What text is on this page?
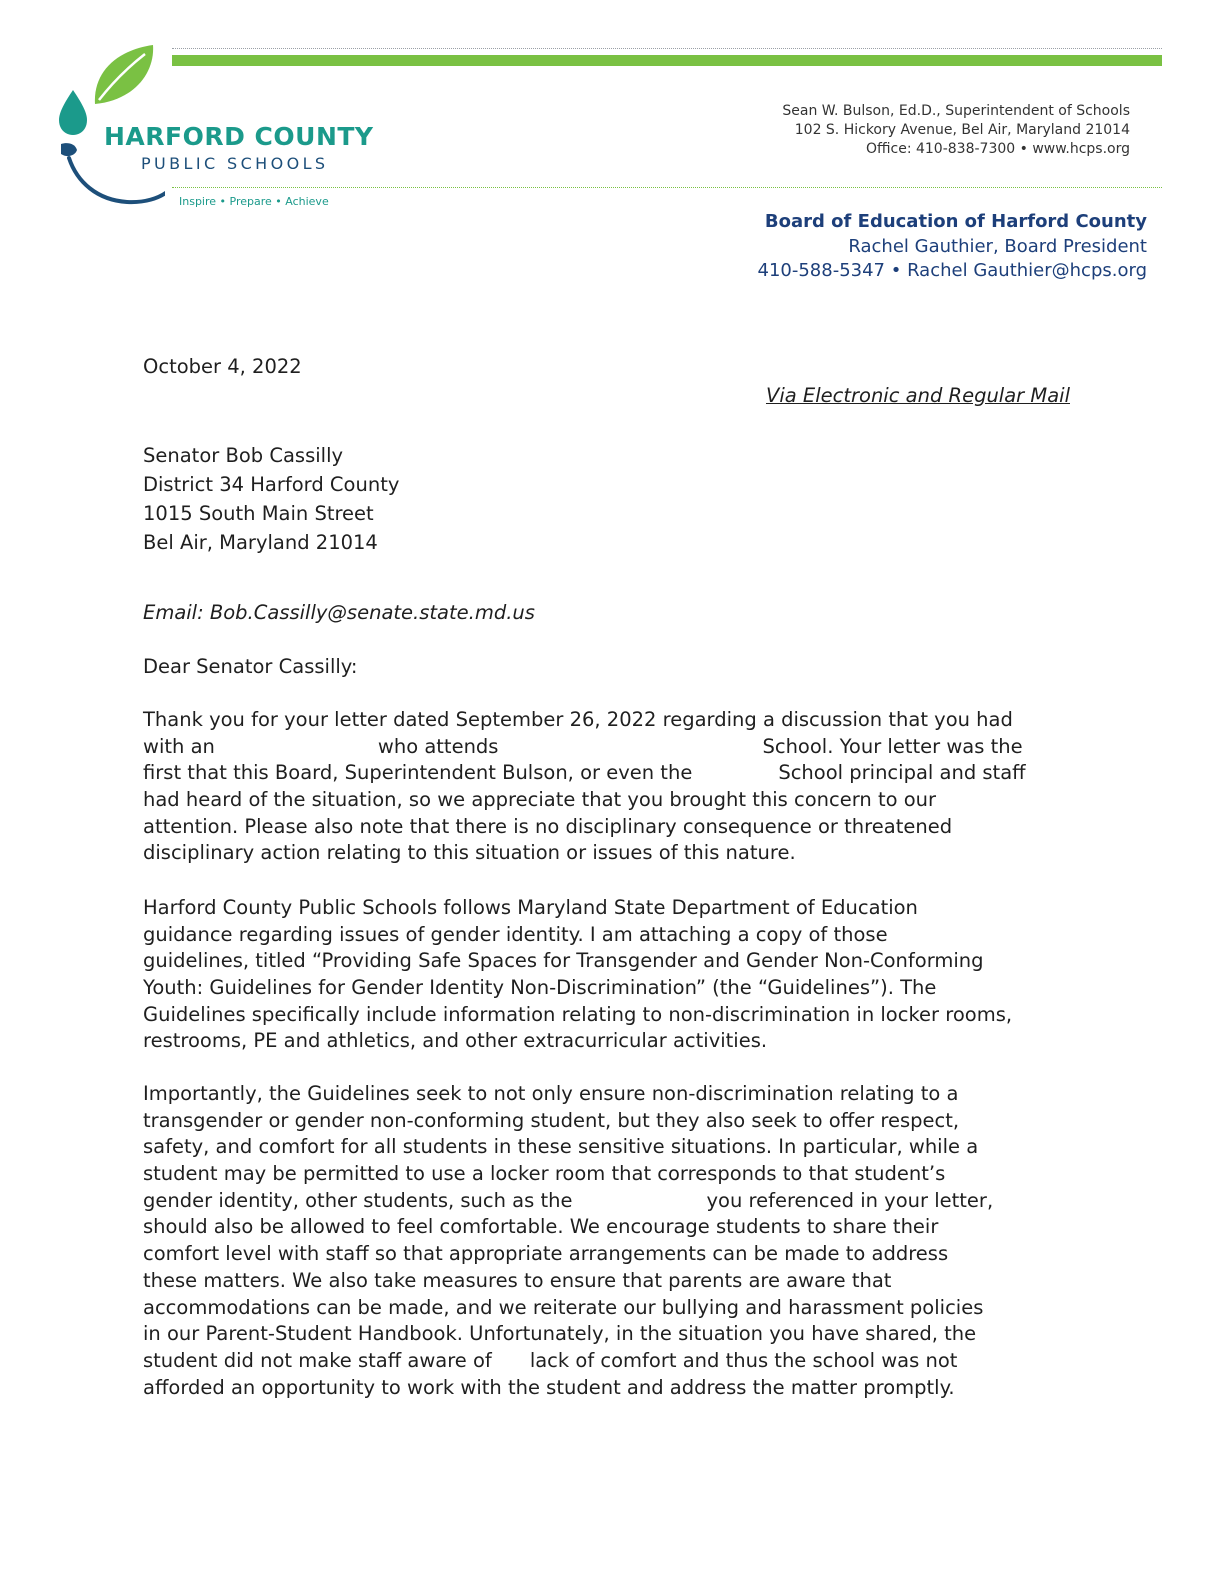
HARFORD COUNTY
PUBLIC SCHOOLS
Inspire • Prepare • Achieve
Sean W. Bulson, Ed.D., Superintendent of Schools
102 S. Hickory Avenue, Bel Air, Maryland 21014
Office: 410-838-7300 • www.hcps.org
Board of Education of Harford County
Rachel Gauthier, Board President
410-588-5347 • Rachel Gauthier@hcps.org
October 4, 2022
Via Electronic and Regular Mail
Senator Bob Cassilly
District 34 Harford County
1015 South Main Street
Bel Air, Maryland 21014
Email: Bob.Cassilly@senate.state.md.us
Dear Senator Cassilly:
Thank you for your letter dated September 26, 2022 regarding a discussion that you had
with an	who attends	School. Your letter was the
first that this Board, Superintendent Bulson, or even the	School principal and staff
had heard of the situation, so we appreciate that you brought this concern to our
attention. Please also note that there is no disciplinary consequence or threatened
disciplinary action relating to this situation or issues of this nature.
Harford County Public Schools follows Maryland State Department of Education
guidance regarding issues of gender identity. I am attaching a copy of those
guidelines, titled “Providing Safe Spaces for Transgender and Gender Non-Conforming
Youth: Guidelines for Gender Identity Non-Discrimination” (the “Guidelines”). The
Guidelines specifically include information relating to non-discrimination in locker rooms,
restrooms, PE and athletics, and other extracurricular activities.
Importantly, the Guidelines seek to not only ensure non-discrimination relating to a
transgender or gender non-conforming student, but they also seek to offer respect,
safety, and comfort for all students in these sensitive situations. In particular, while a
student may be permitted to use a locker room that corresponds to that student’s
gender identity, other students, such as the	you referenced in your letter,
should also be allowed to feel comfortable. We encourage students to share their
comfort level with staff so that appropriate arrangements can be made to address
these matters. We also take measures to ensure that parents are aware that
accommodations can be made, and we reiterate our bullying and harassment policies
in our Parent-Student Handbook. Unfortunately, in the situation you have shared, the
student did not make staff aware of lack of comfort and thus the school was not
afforded an opportunity to work with the student and address the matter promptly.
